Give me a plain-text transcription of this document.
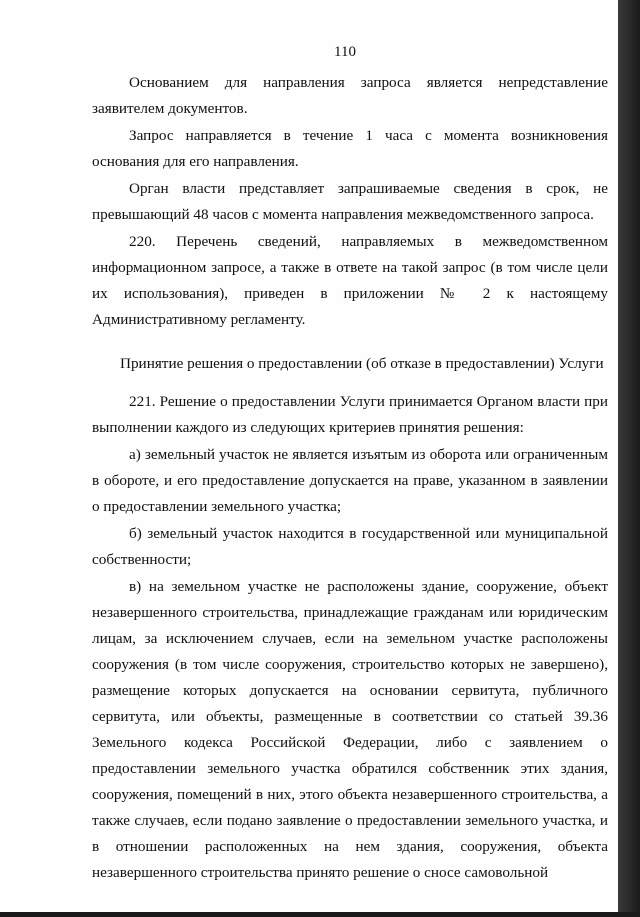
110

Основанием для направления запроса является непредставление заявителем документов.

Запрос направляется в течение 1 часа с момента возникновения основания для его направления.

Орган власти представляет запрашиваемые сведения в срок, не превышающий 48 часов с момента направления межведомственного запроса.

220. Перечень сведений, направляемых в межведомственном информационном запросе, а также в ответе на такой запрос (в том числе цели их использования), приведен в приложении № 2 к настоящему Административному регламенту.

Принятие решения о предоставлении (об отказе в предоставлении) Услуги

221. Решение о предоставлении Услуги принимается Органом власти при выполнении каждого из следующих критериев принятия решения:

а) земельный участок не является изъятым из оборота или ограниченным в обороте, и его предоставление допускается на праве, указанном в заявлении о предоставлении земельного участка;

б) земельный участок находится в государственной или муниципальной собственности;

в) на земельном участке не расположены здание, сооружение, объект незавершенного строительства, принадлежащие гражданам или юридическим лицам, за исключением случаев, если на земельном участке расположены сооружения (в том числе сооружения, строительство которых не завершено), размещение которых допускается на основании сервитута, публичного сервитута, или объекты, размещенные в соответствии со статьей 39.36 Земельного кодекса Российской Федерации, либо с заявлением о предоставлении земельного участка обратился собственник этих здания, сооружения, помещений в них, этого объекта незавершенного строительства, а также случаев, если подано заявление о предоставлении земельного участка, и в отношении расположенных на нем здания, сооружения, объекта незавершенного строительства принято решение о сносе самовольной
